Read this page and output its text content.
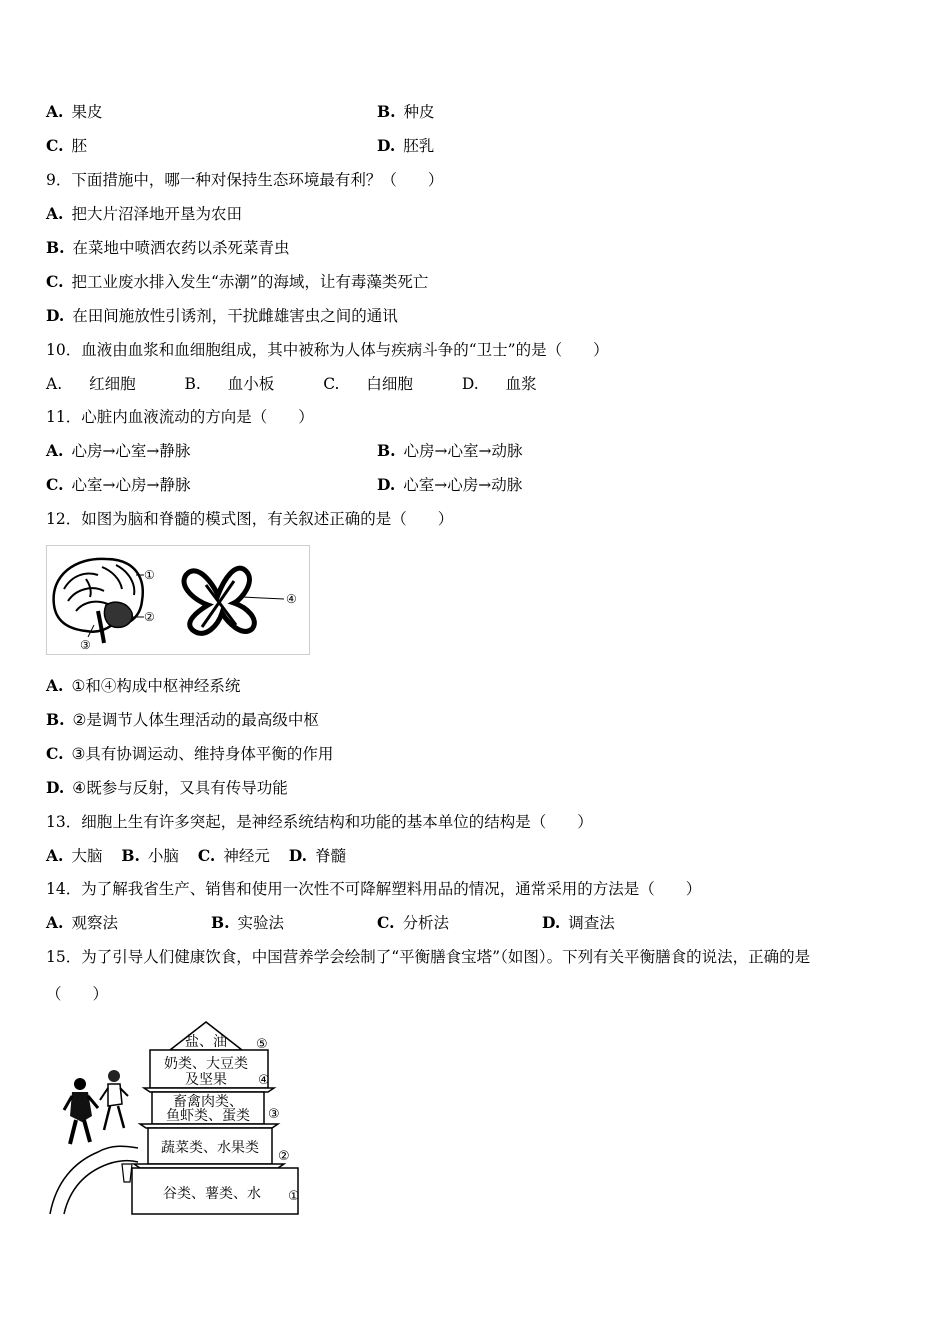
A. 果皮	B. 种皮
C. 胚	D. 胚乳
9．下面措施中，哪一种对保持生态环境最有利？（　　）
A. 把大片沼泽地开垦为农田
B. 在菜地中喷洒农药以杀死菜青虫
C. 把工业废水排入发生“赤潮”的海域，让有毒藻类死亡
D. 在田间施放性引诱剂，干扰雌雄害虫之间的通讯
10．血液由血浆和血细胞组成，其中被称为人体与疾病斗争的“卫士”的是（　　）
A. 红细胞	B. 血小板	C. 白细胞	D. 血浆
11．心脏内血液流动的方向是（　　）
A. 心房→心室→静脉	B. 心房→心室→动脉
C. 心室→心房→静脉	D. 心室→心房→动脉
12．如图为脑和脊髓的模式图，有关叙述正确的是（　　）
①
②
③
④
A. ①和④构成中枢神经系统
B. ②是调节人体生理活动的最高级中枢
C. ③具有协调运动、维持身体平衡的作用
D. ④既参与反射，又具有传导功能
13．细胞上生有许多突起，是神经系统结构和功能的基本单位的结构是（　　）
A. 大脑 B. 小脑 C. 神经元 D. 脊髓
14．为了解我省生产、销售和使用一次性不可降解塑料用品的情况，通常采用的方法是（　　）
A. 观察法	B. 实验法	C. 分析法	D. 调查法
15．为了引导人们健康饮食，中国营养学会绘制了“平衡膳食宝塔”（如图）。下列有关平衡膳食的说法，正确的是
（　　）
盐、油
奶类、大豆类
及坚果
畜禽肉类、
鱼虾类、蛋类
蔬菜类、水果类
谷类、薯类、水
⑤
④
③
②
①
